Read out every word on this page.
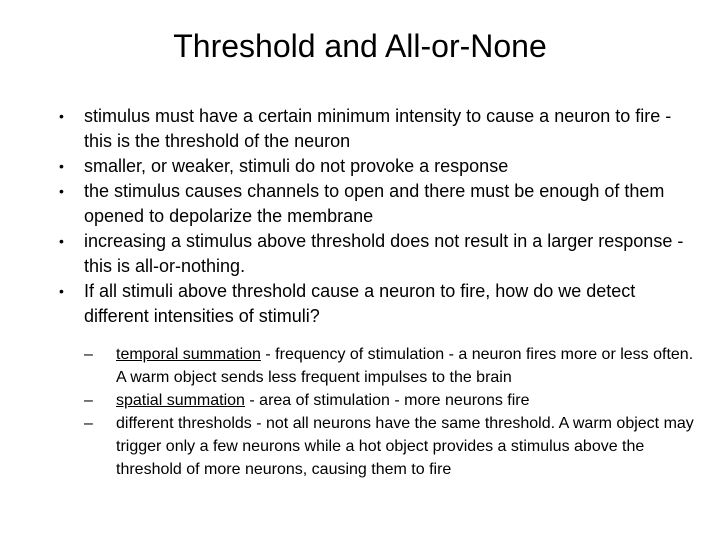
Threshold and All-or-None
• stimulus must have a certain minimum intensity to cause a neuron to fire - this is the threshold of the neuron
• smaller, or weaker, stimuli do not provoke a response
• the stimulus causes channels to open and there must be enough of them opened to depolarize the membrane
• increasing a stimulus above threshold does not result in a larger response - this is all-or-nothing.
• If all stimuli above threshold cause a neuron to fire, how do we detect different intensities of stimuli?
– temporal summation - frequency of stimulation - a neuron fires more or less often. A warm object sends less frequent impulses to the brain
– spatial summation - area of stimulation - more neurons fire
– different thresholds - not all neurons have the same threshold. A warm object may trigger only a few neurons while a hot object provides a stimulus above the threshold of more neurons, causing them to fire
